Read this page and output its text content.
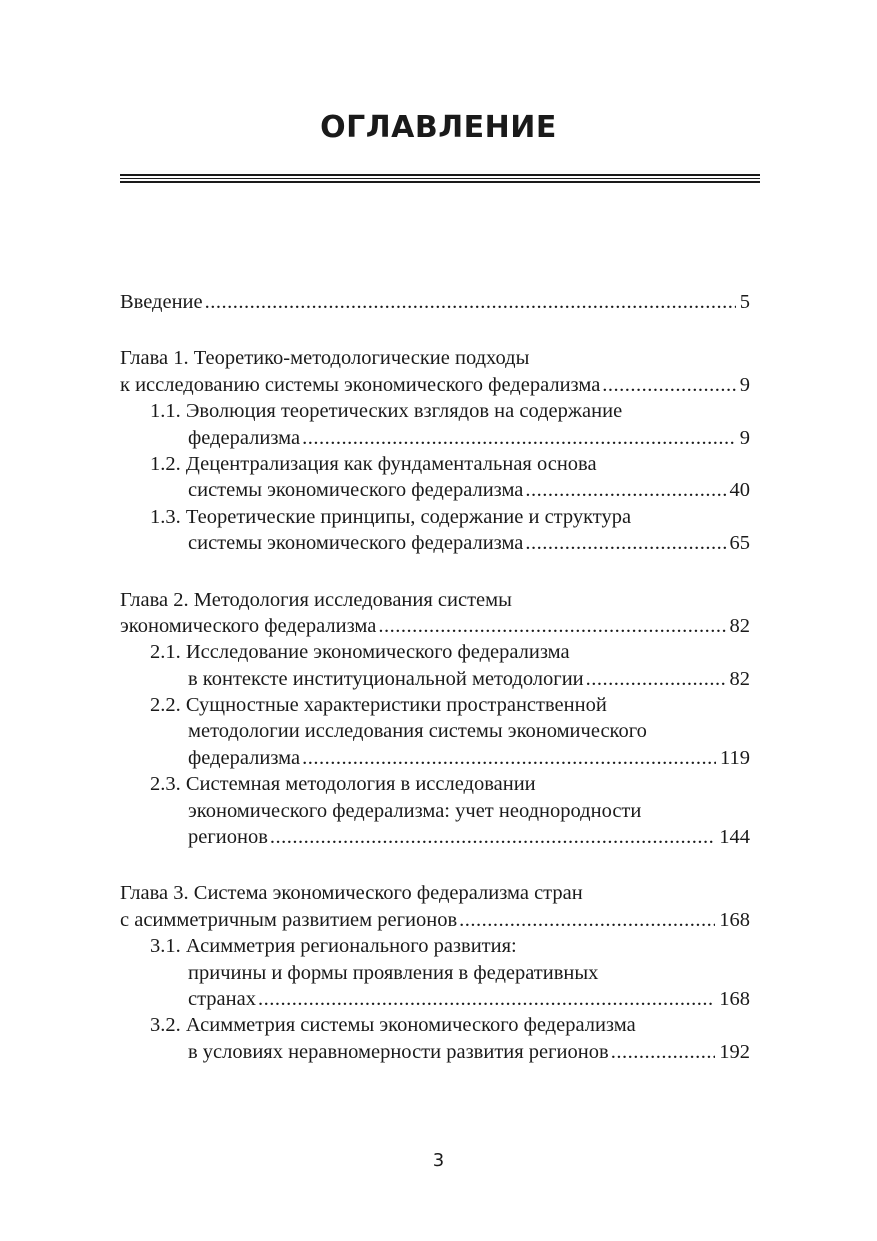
ОГЛАВЛЕНИЕ
Введение .....	5
Глава 1. Теоретико-методологические подходы
к исследованию системы экономического федерализма .....	9
1.1. Эволюция теоретических взглядов на содержание
федерализма .....	9
1.2. Децентрализация как фундаментальная основа
системы экономического федерализма .....	40
1.3. Теоретические принципы, содержание и структура
системы экономического федерализма .....	65
Глава 2. Методология исследования системы
экономического федерализма .....	82
2.1. Исследование экономического федерализма
в контексте институциональной методологии .....	82
2.2. Сущностные характеристики пространственной
методологии исследования системы экономического
федерализма .....	119
2.3. Системная методология в исследовании
экономического федерализма: учет неоднородности
регионов .....	144
Глава 3. Система экономического федерализма стран
с асимметричным развитием регионов .....	168
3.1. Асимметрия регионального развития:
причины и формы проявления в федеративных
странах .....	168
3.2. Асимметрия системы экономического федерализма
в условиях неравномерности развития регионов .....	192
3
